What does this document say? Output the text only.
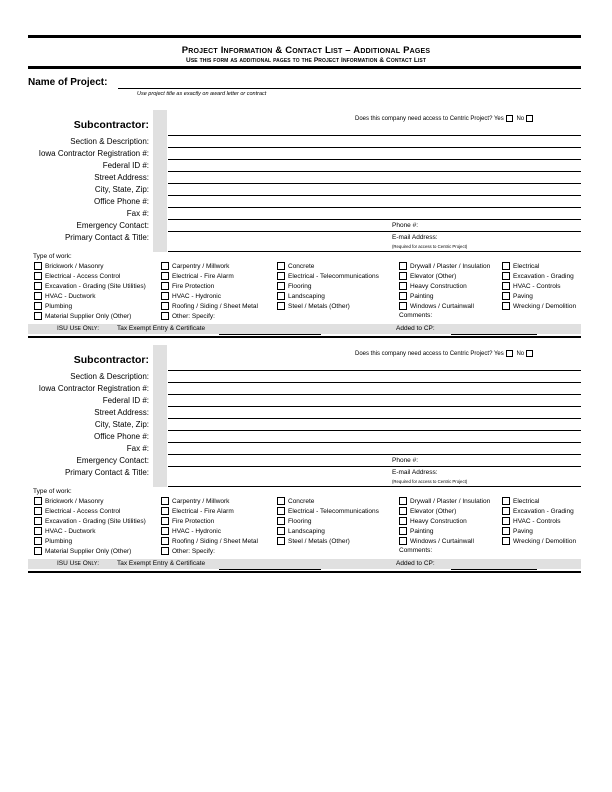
Project Information & Contact List – Additional Pages
Use this form as additional pages to the Project Information & Contact List
Name of Project:
Use project title as exactly on award letter or contract
Subcontractor:	Does this company need access to Centric Project? Yes No
Section & Description:
Iowa Contractor Registration #:
Federal ID #:
Street Address:
City, State, Zip:
Office Phone #:
Fax #:
Emergency Contact:	Phone #:
Primary Contact & Title:	E-mail Address:
(Required for access to Centric Project)
Type of work:
Brickwork / Masonry
Electrical - Access Control
Excavation - Grading (Site Utilities)
HVAC - Ductwork
Plumbing
Material Supplier Only (Other)
Carpentry / Millwork
Electrical - Fire Alarm
Fire Protection
HVAC - Hydronic
Roofing / Siding / Sheet Metal
Other: Specify:
Concrete
Electrical - Telecommunications
Flooring
Landscaping
Steel / Metals (Other)
Drywall / Plaster / Insulation
Elevator (Other)
Heavy Construction
Painting
Windows / Curtainwall
Comments:
Electrical
Excavation - Grading
HVAC - Controls
Paving
Wrecking / Demolition
ISU Use Only:	Tax Exempt Entry & Certificate	Added to CP:
Subcontractor:	Does this company need access to Centric Project? Yes No
Section & Description:
Iowa Contractor Registration #:
Federal ID #:
Street Address:
City, State, Zip:
Office Phone #:
Fax #:
Emergency Contact:	Phone #:
Primary Contact & Title:	E-mail Address:
(Required for access to Centric Project)
Type of work:
Brickwork / Masonry
Electrical - Access Control
Excavation - Grading (Site Utilities)
HVAC - Ductwork
Plumbing
Material Supplier Only (Other)
Carpentry / Millwork
Electrical - Fire Alarm
Fire Protection
HVAC - Hydronic
Roofing / Siding / Sheet Metal
Other: Specify:
Concrete
Electrical - Telecommunications
Flooring
Landscaping
Steel / Metals (Other)
Drywall / Plaster / Insulation
Elevator (Other)
Heavy Construction
Painting
Windows / Curtainwall
Comments:
Electrical
Excavation - Grading
HVAC - Controls
Paving
Wrecking / Demolition
ISU Use Only:	Tax Exempt Entry & Certificate	Added to CP:
